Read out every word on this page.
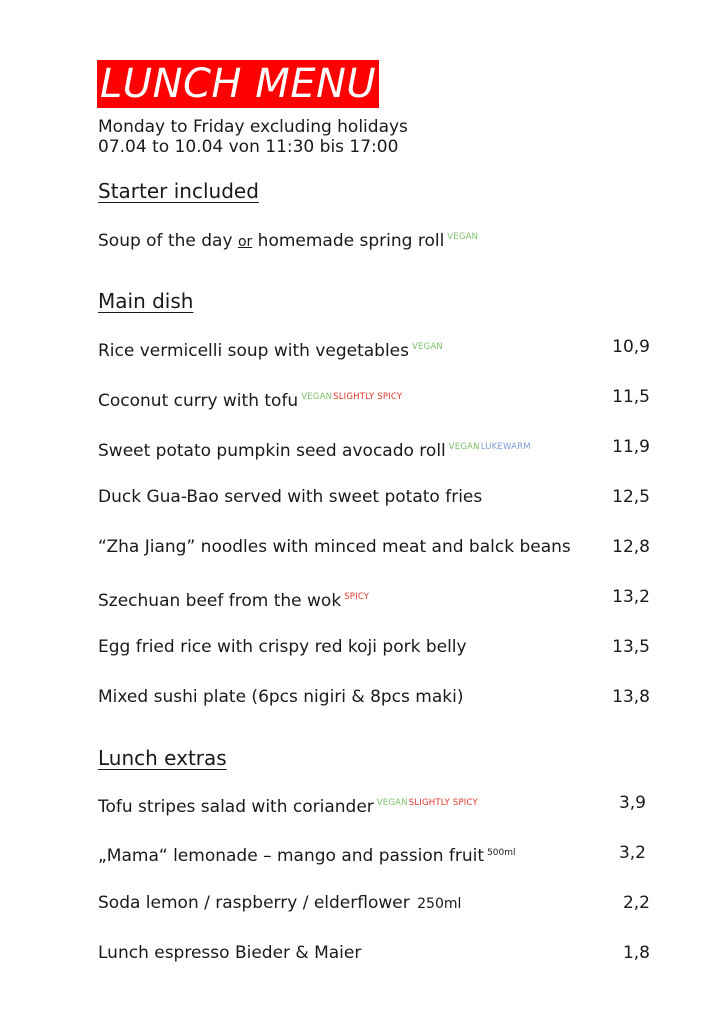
LUNCH MENU
Monday to Friday excluding holidays
07.04 to 10.04 von 11:30 bis 17:00
Starter included
Soup of the day or homemade spring roll $^{VEGAN}$
Main dish
Rice vermicelli soup with vegetables $^{VEGAN}$	10,9
Coconut curry with tofu $^{VEGANSLIGHTLY SPICY}$	11,5
Sweet potato pumpkin seed avocado roll $^{VEGANLUKEWARM}$	11,9
Duck Gua-Bao served with sweet potato fries	12,5
“Zha Jiang” noodles with minced meat and balck beans 12,8
Szechuan beef from the wok $^{SPICY}$	13,2
Egg fried rice with crispy red koji pork belly	13,5
Mixed sushi plate (6pcs nigiri & 8pcs maki)	13,8
Lunch extras
Tofu stripes salad with coriander $^{VEGANSLIGHTLY SPICY}$	3,9
„Mama“ lemonade – mango and passion fruit $^{500ml}$	3,2
Soda lemon / raspberry / elderflower 250ml	2,2
Lunch espresso Bieder & Maier	1,8
